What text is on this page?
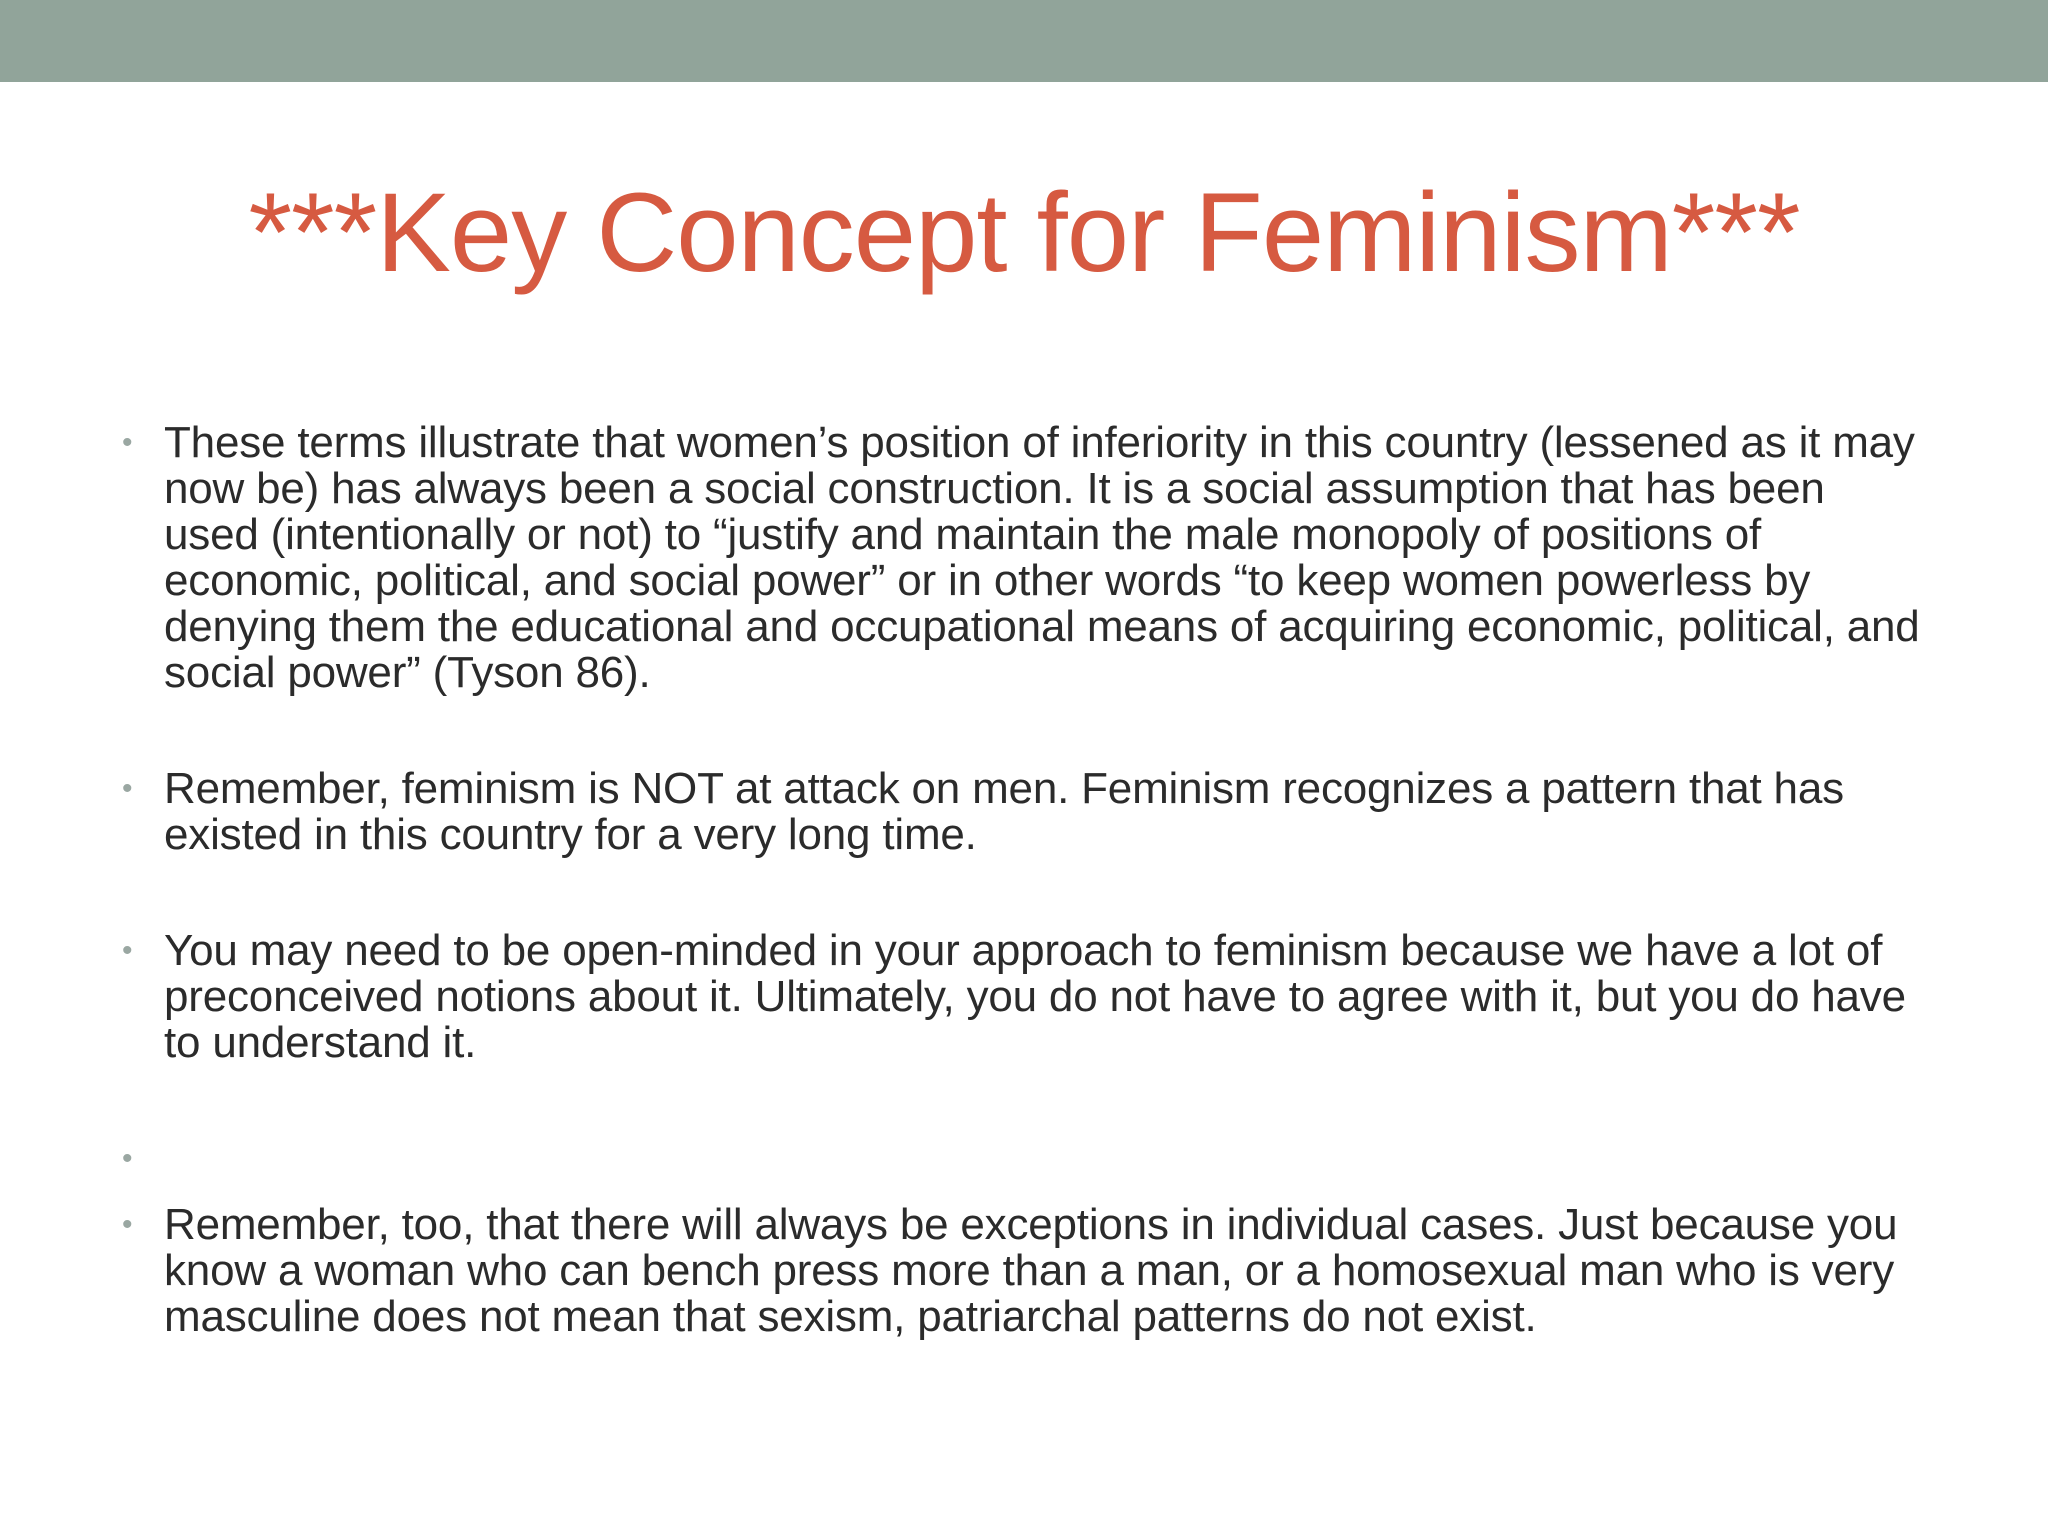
***Key Concept for Feminism***
• These terms illustrate that women’s position of inferiority in this country (lessened as it may now be) has always been a social construction. It is a social assumption that has been used (intentionally or not) to “justify and maintain the male monopoly of positions of economic, political, and social power” or in other words “to keep women powerless by denying them the educational and occupational means of acquiring economic, political, and social power” (Tyson 86).
• Remember, feminism is NOT at attack on men. Feminism recognizes a pattern that has existed in this country for a very long time.
• You may need to be open-minded in your approach to feminism because we have a lot of preconceived notions about it. Ultimately, you do not have to agree with it, but you do have to understand it.
•

• Remember, too, that there will always be exceptions in individual cases. Just because you know a woman who can bench press more than a man, or a homosexual man who is very masculine does not mean that sexism, patriarchal patterns do not exist.
